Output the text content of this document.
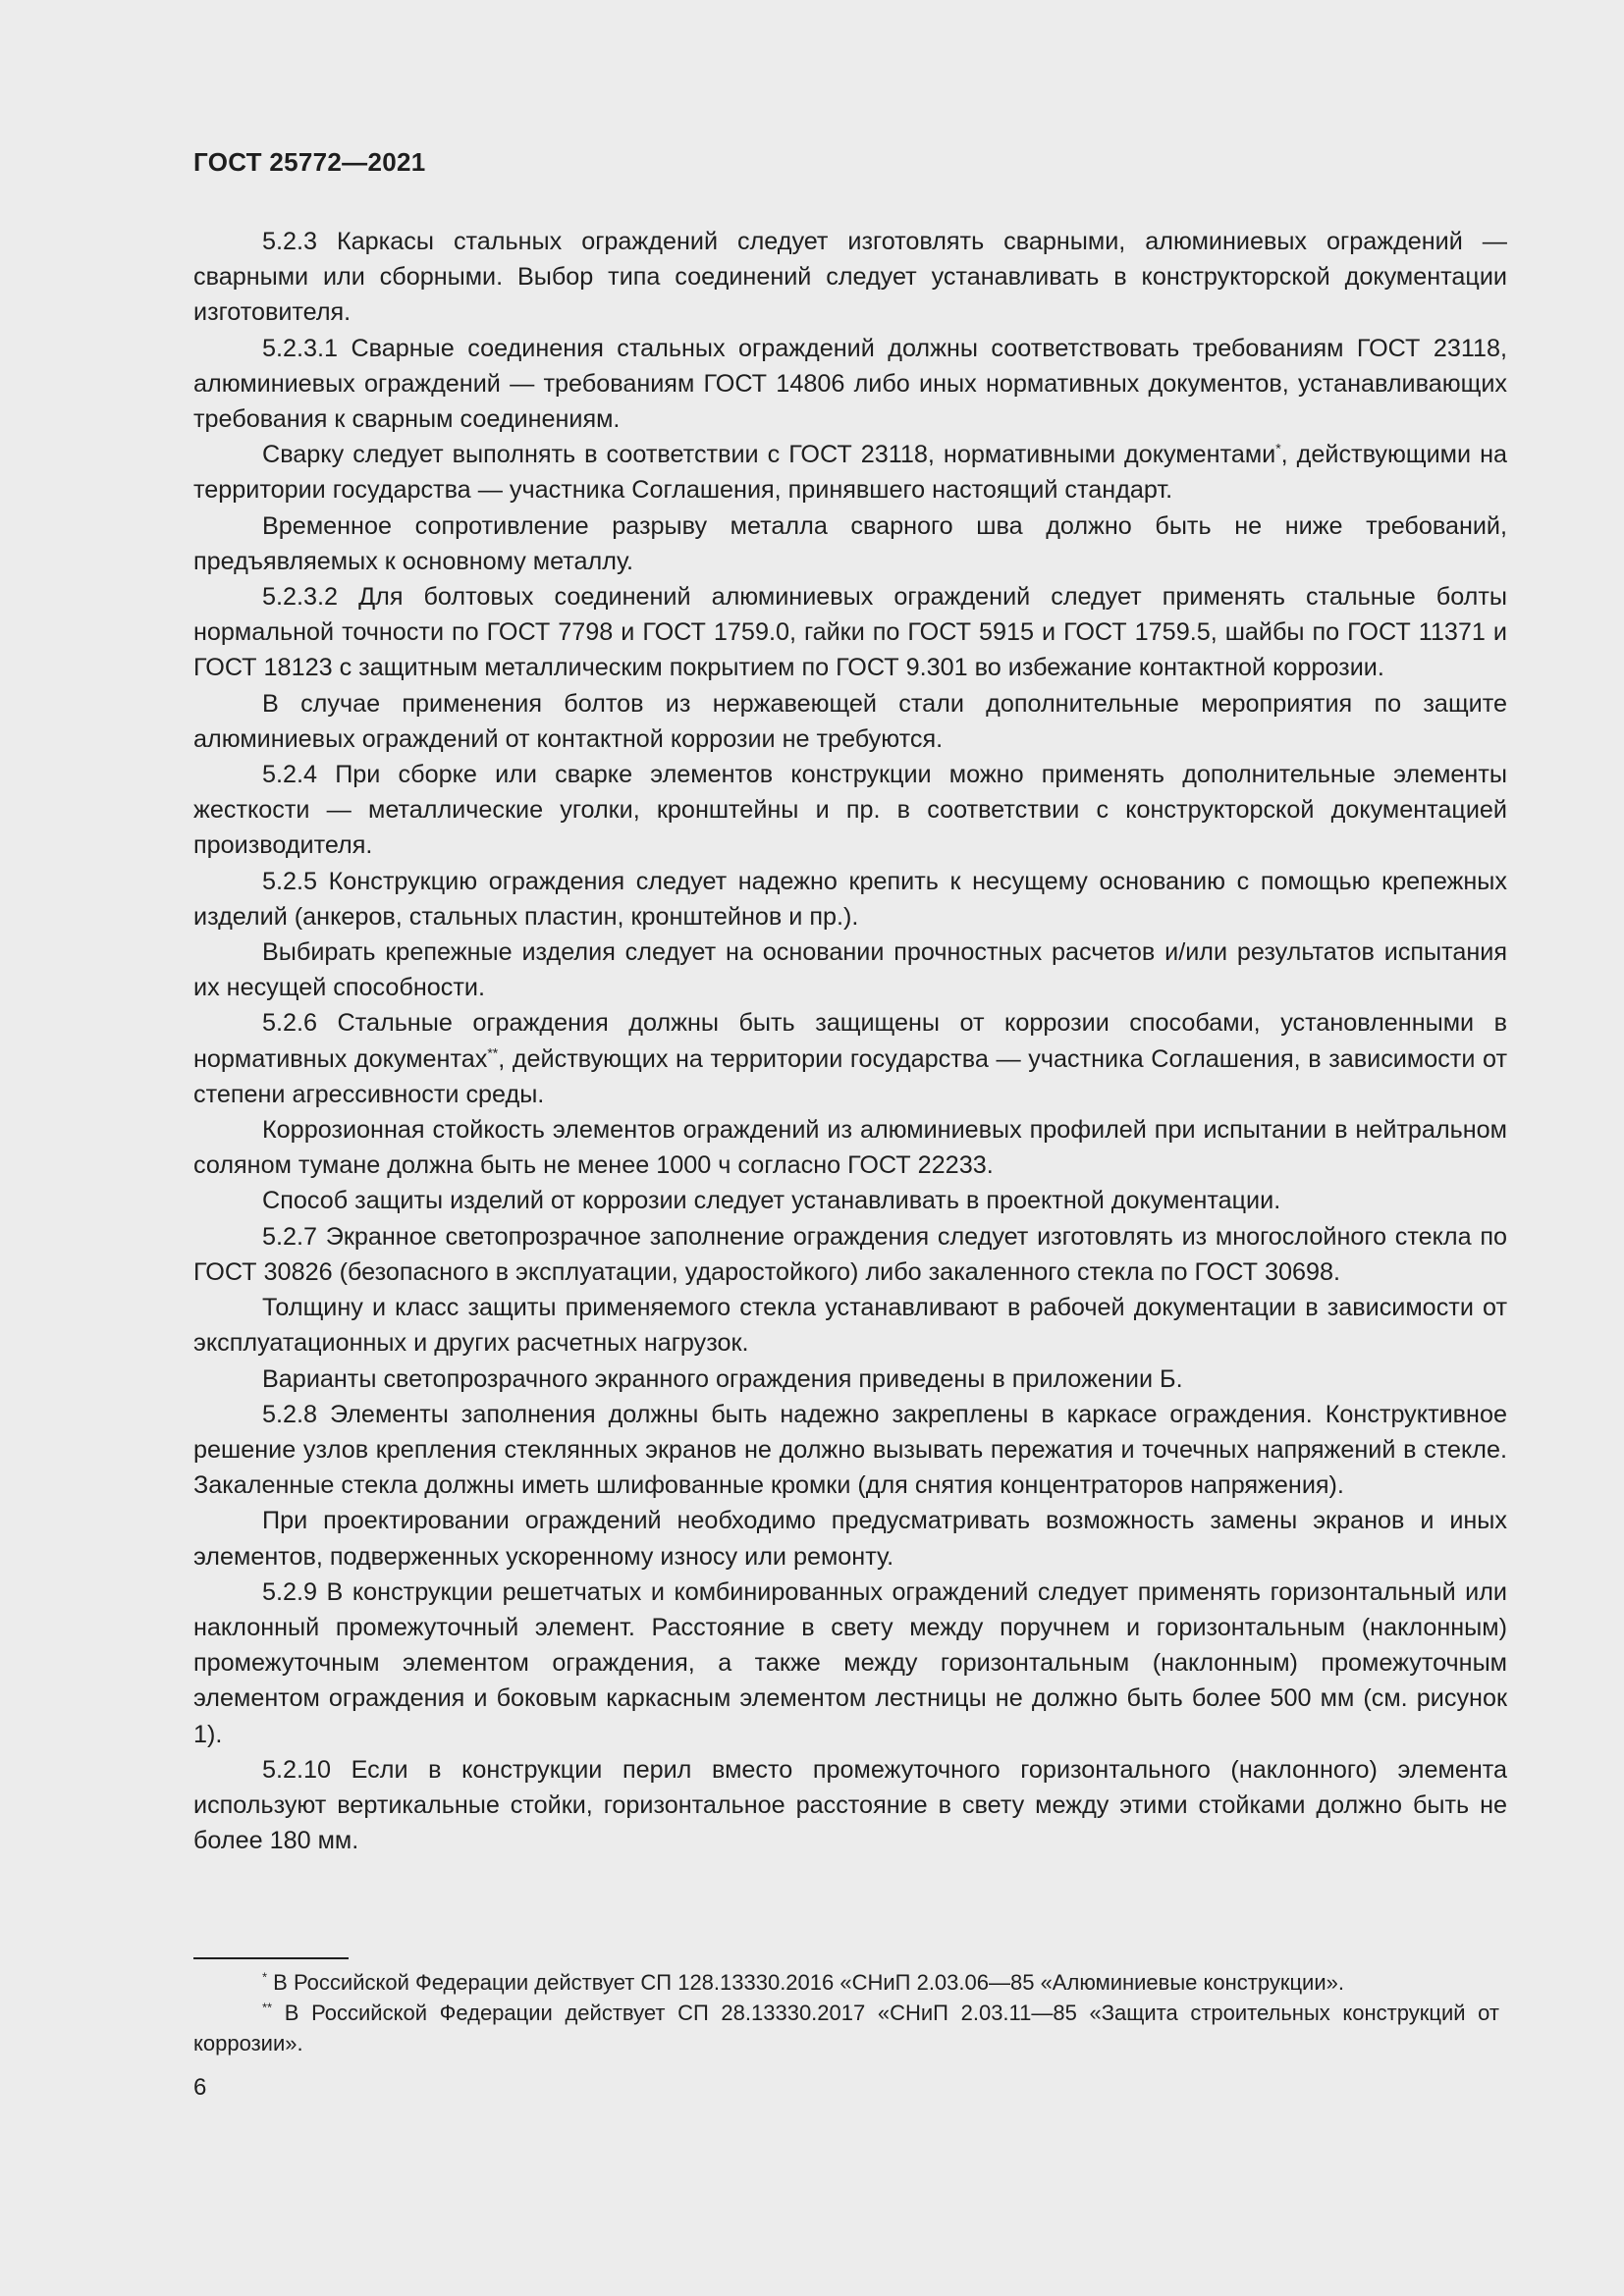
ГОСТ 25772—2021

5.2.3 Каркасы стальных ограждений следует изготовлять сварными, алюминиевых ограждений — сварными или сборными. Выбор типа соединений следует устанавливать в конструкторской документации изготовителя.

5.2.3.1 Сварные соединения стальных ограждений должны соответствовать требованиям ГОСТ 23118, алюминиевых ограждений — требованиям ГОСТ 14806 либо иных нормативных документов, устанавливающих требования к сварным соединениям.

Сварку следует выполнять в соответствии с ГОСТ 23118, нормативными документами*, действующими на территории государства — участника Соглашения, принявшего настоящий стандарт.

Временное сопротивление разрыву металла сварного шва должно быть не ниже требований, предъявляемых к основному металлу.

5.2.3.2 Для болтовых соединений алюминиевых ограждений следует применять стальные болты нормальной точности по ГОСТ 7798 и ГОСТ 1759.0, гайки по ГОСТ 5915 и ГОСТ 1759.5, шайбы по ГОСТ 11371 и ГОСТ 18123 с защитным металлическим покрытием по ГОСТ 9.301 во избежание контактной коррозии.

В случае применения болтов из нержавеющей стали дополнительные мероприятия по защите алюминиевых ограждений от контактной коррозии не требуются.

5.2.4 При сборке или сварке элементов конструкции можно применять дополнительные элементы жесткости — металлические уголки, кронштейны и пр. в соответствии с конструкторской документацией производителя.

5.2.5 Конструкцию ограждения следует надежно крепить к несущему основанию с помощью крепежных изделий (анкеров, стальных пластин, кронштейнов и пр.).

Выбирать крепежные изделия следует на основании прочностных расчетов и/или результатов испытания их несущей способности.

5.2.6 Стальные ограждения должны быть защищены от коррозии способами, установленными в нормативных документах**, действующих на территории государства — участника Соглашения, в зависимости от степени агрессивности среды.

Коррозионная стойкость элементов ограждений из алюминиевых профилей при испытании в нейтральном соляном тумане должна быть не менее 1000 ч согласно ГОСТ 22233.

Способ защиты изделий от коррозии следует устанавливать в проектной документации.

5.2.7 Экранное светопрозрачное заполнение ограждения следует изготовлять из многослойного стекла по ГОСТ 30826 (безопасного в эксплуатации, ударостойкого) либо закаленного стекла по ГОСТ 30698.

Толщину и класс защиты применяемого стекла устанавливают в рабочей документации в зависимости от эксплуатационных и других расчетных нагрузок.

Варианты светопрозрачного экранного ограждения приведены в приложении Б.

5.2.8 Элементы заполнения должны быть надежно закреплены в каркасе ограждения. Конструктивное решение узлов крепления стеклянных экранов не должно вызывать пережатия и точечных напряжений в стекле. Закаленные стекла должны иметь шлифованные кромки (для снятия концентраторов напряжения).

При проектировании ограждений необходимо предусматривать возможность замены экранов и иных элементов, подверженных ускоренному износу или ремонту.

5.2.9 В конструкции решетчатых и комбинированных ограждений следует применять горизонтальный или наклонный промежуточный элемент. Расстояние в свету между поручнем и горизонтальным (наклонным) промежуточным элементом ограждения, а также между горизонтальным (наклонным) промежуточным элементом ограждения и боковым каркасным элементом лестницы не должно быть более 500 мм (см. рисунок 1).

5.2.10 Если в конструкции перил вместо промежуточного горизонтального (наклонного) элемента используют вертикальные стойки, горизонтальное расстояние в свету между этими стойками должно быть не более 180 мм.

* В Российской Федерации действует СП 128.13330.2016 «СНиП 2.03.06—85 «Алюминиевые конструкции».

** В Российской Федерации действует СП 28.13330.2017 «СНиП 2.03.11—85 «Защита строительных конструкций от коррозии».

6
